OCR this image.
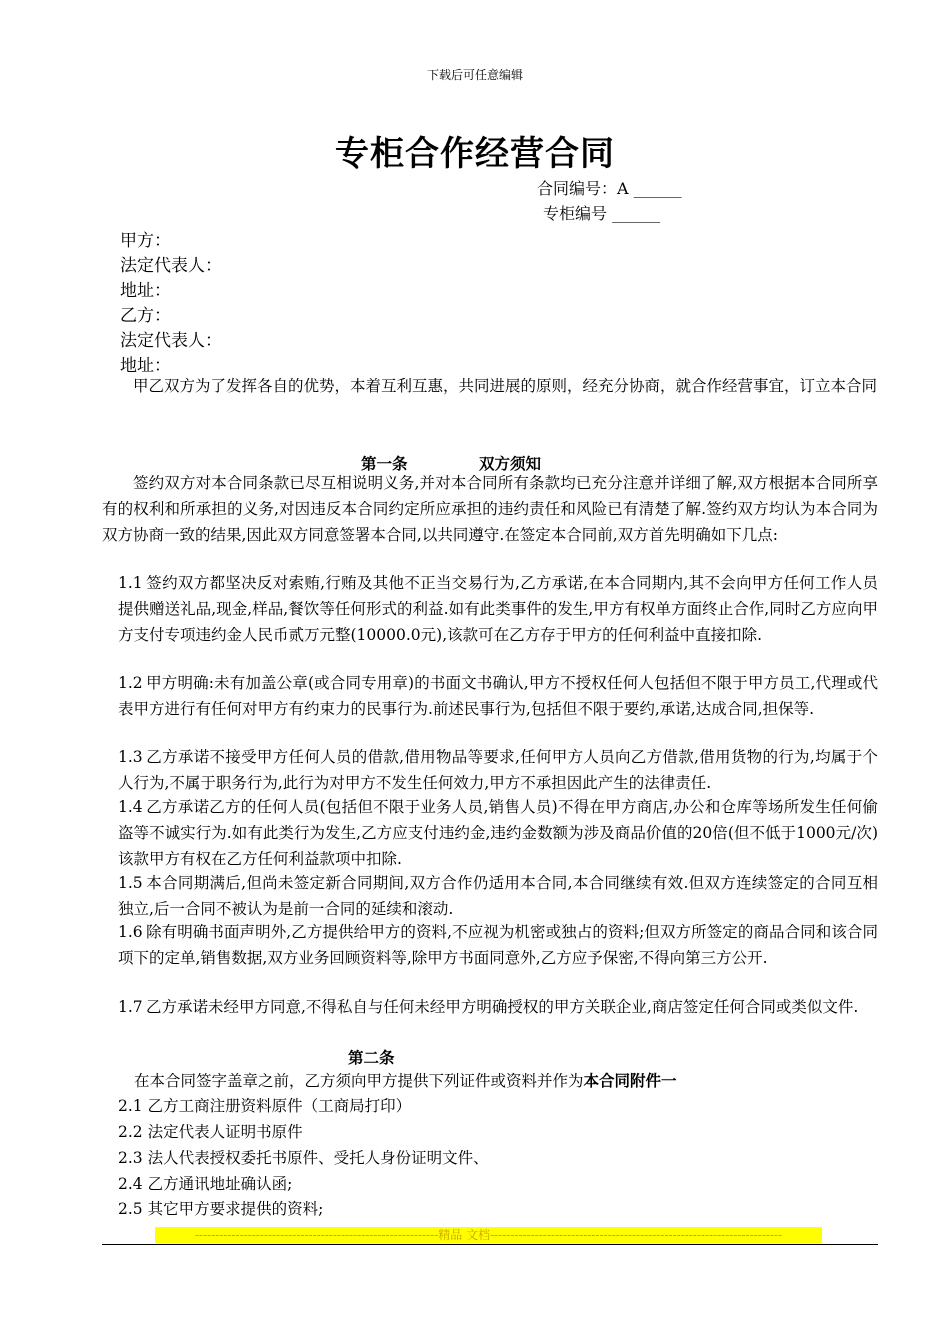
下载后可任意编辑
专柜合作经营合同
合同编号：A ______
专柜编号 ______
甲方：
法定代表人：
地址：
乙方：
法定代表人：
地址：
甲乙双方为了发挥各自的优势，本着互利互惠，共同进展的原则，经充分协商，就合作经营事宜，订立本合同
第一条	双方须知
签约双方对本合同条款已尽互相说明义务,并对本合同所有条款均已充分注意并详细了解,双方根据本合同所享有的权利和所承担的义务,对因违反本合同约定所应承担的违约责任和风险已有清楚了解.签约双方均认为本合同为双方协商一致的结果,因此双方同意签署本合同,以共同遵守.在签定本合同前,双方首先明确如下几点:
1.1 签约双方都坚决反对索贿,行贿及其他不正当交易行为,乙方承诺,在本合同期内,其不会向甲方任何工作人员提供赠送礼品,现金,样品,餐饮等任何形式的利益.如有此类事件的发生,甲方有权单方面终止合作,同时乙方应向甲方支付专项违约金人民币贰万元整(10000.0元),该款可在乙方存于甲方的任何利益中直接扣除.
1.2 甲方明确:未有加盖公章(或合同专用章)的书面文书确认,甲方不授权任何人包括但不限于甲方员工,代理或代表甲方进行有任何对甲方有约束力的民事行为.前述民事行为,包括但不限于要约,承诺,达成合同,担保等.
1.3 乙方承诺不接受甲方任何人员的借款,借用物品等要求,任何甲方人员向乙方借款,借用货物的行为,均属于个人行为,不属于职务行为,此行为对甲方不发生任何效力,甲方不承担因此产生的法律责任.
1.4 乙方承诺乙方的任何人员(包括但不限于业务人员,销售人员)不得在甲方商店,办公和仓库等场所发生任何偷盗等不诚实行为.如有此类行为发生,乙方应支付违约金,违约金数额为涉及商品价值的20倍(但不低于1000元/次)该款甲方有权在乙方任何利益款项中扣除.
1.5 本合同期满后,但尚未签定新合同期间,双方合作仍适用本合同,本合同继续有效.但双方连续签定的合同互相独立,后一合同不被认为是前一合同的延续和滚动.
1.6 除有明确书面声明外,乙方提供给甲方的资料,不应视为机密或独占的资料;但双方所签定的商品合同和该合同项下的定单,销售数据,双方业务回顾资料等,除甲方书面同意外,乙方应予保密,不得向第三方公开.
1.7 乙方承诺未经甲方同意,不得私自与任何未经甲方明确授权的甲方关联企业,商店签定任何合同或类似文件.
第二条
在本合同签字盖章之前，乙方须向甲方提供下列证件或资料并作为本合同附件一
2.1 乙方工商注册资料原件（工商局打印）
2.2 法定代表人证明书原件
2.3 法人代表授权委托书原件、受托人身份证明文件、
2.4 乙方通讯地址确认函;
2.5 其它甲方要求提供的资料;
------------------------------------------------------------精品 文档------------------------------------------------------------------------
